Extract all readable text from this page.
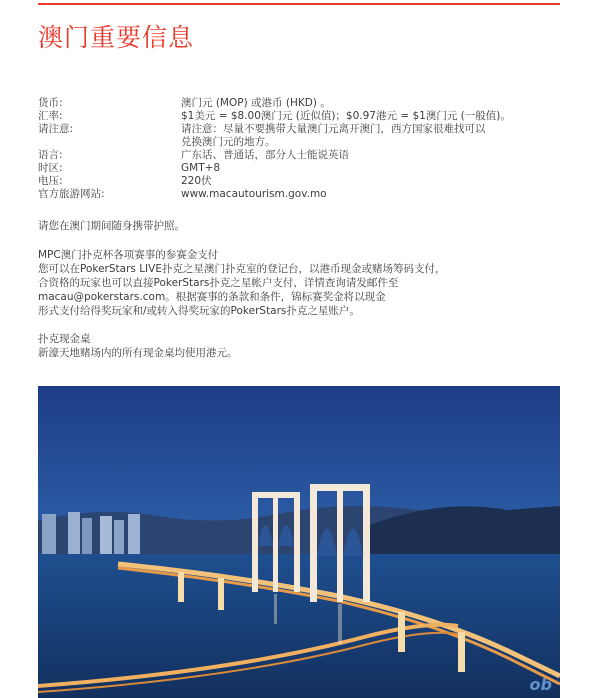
澳门重要信息
货币:	澳门元 (MOP) 或港币 (HKD) 。
汇率:	$1美元 = $8.00澳门元 (近似值)；$0.97港元 = $1澳门元 (一般值)。
请注意:	请注意：尽量不要携带大量澳门元离开澳门，西方国家很难找可以
兑换澳门元的地方。
语言:	广东话、普通话，部分人士能说英语
时区:	GMT+8
电压:	220伏
官方旅游网站:	www.macautourism.gov.mo
请您在澳门期间随身携带护照。
MPC澳门扑克杯各项赛事的参赛金支付
您可以在PokerStars LIVE扑克之星澳门扑克室的登记台，以港币现金或赌场筹码支付，
合资格的玩家也可以直接PokerStars扑克之星帐户支付，详情查询请发邮件至
macau@pokerstars.com。根据赛事的条款和条件，锦标赛奖金将以现金
形式支付给得奖玩家和/或转入得奖玩家的PokerStars扑克之星账户。
扑克现金桌
新濠天地赌场内的所有现金桌均使用港元。
ob
